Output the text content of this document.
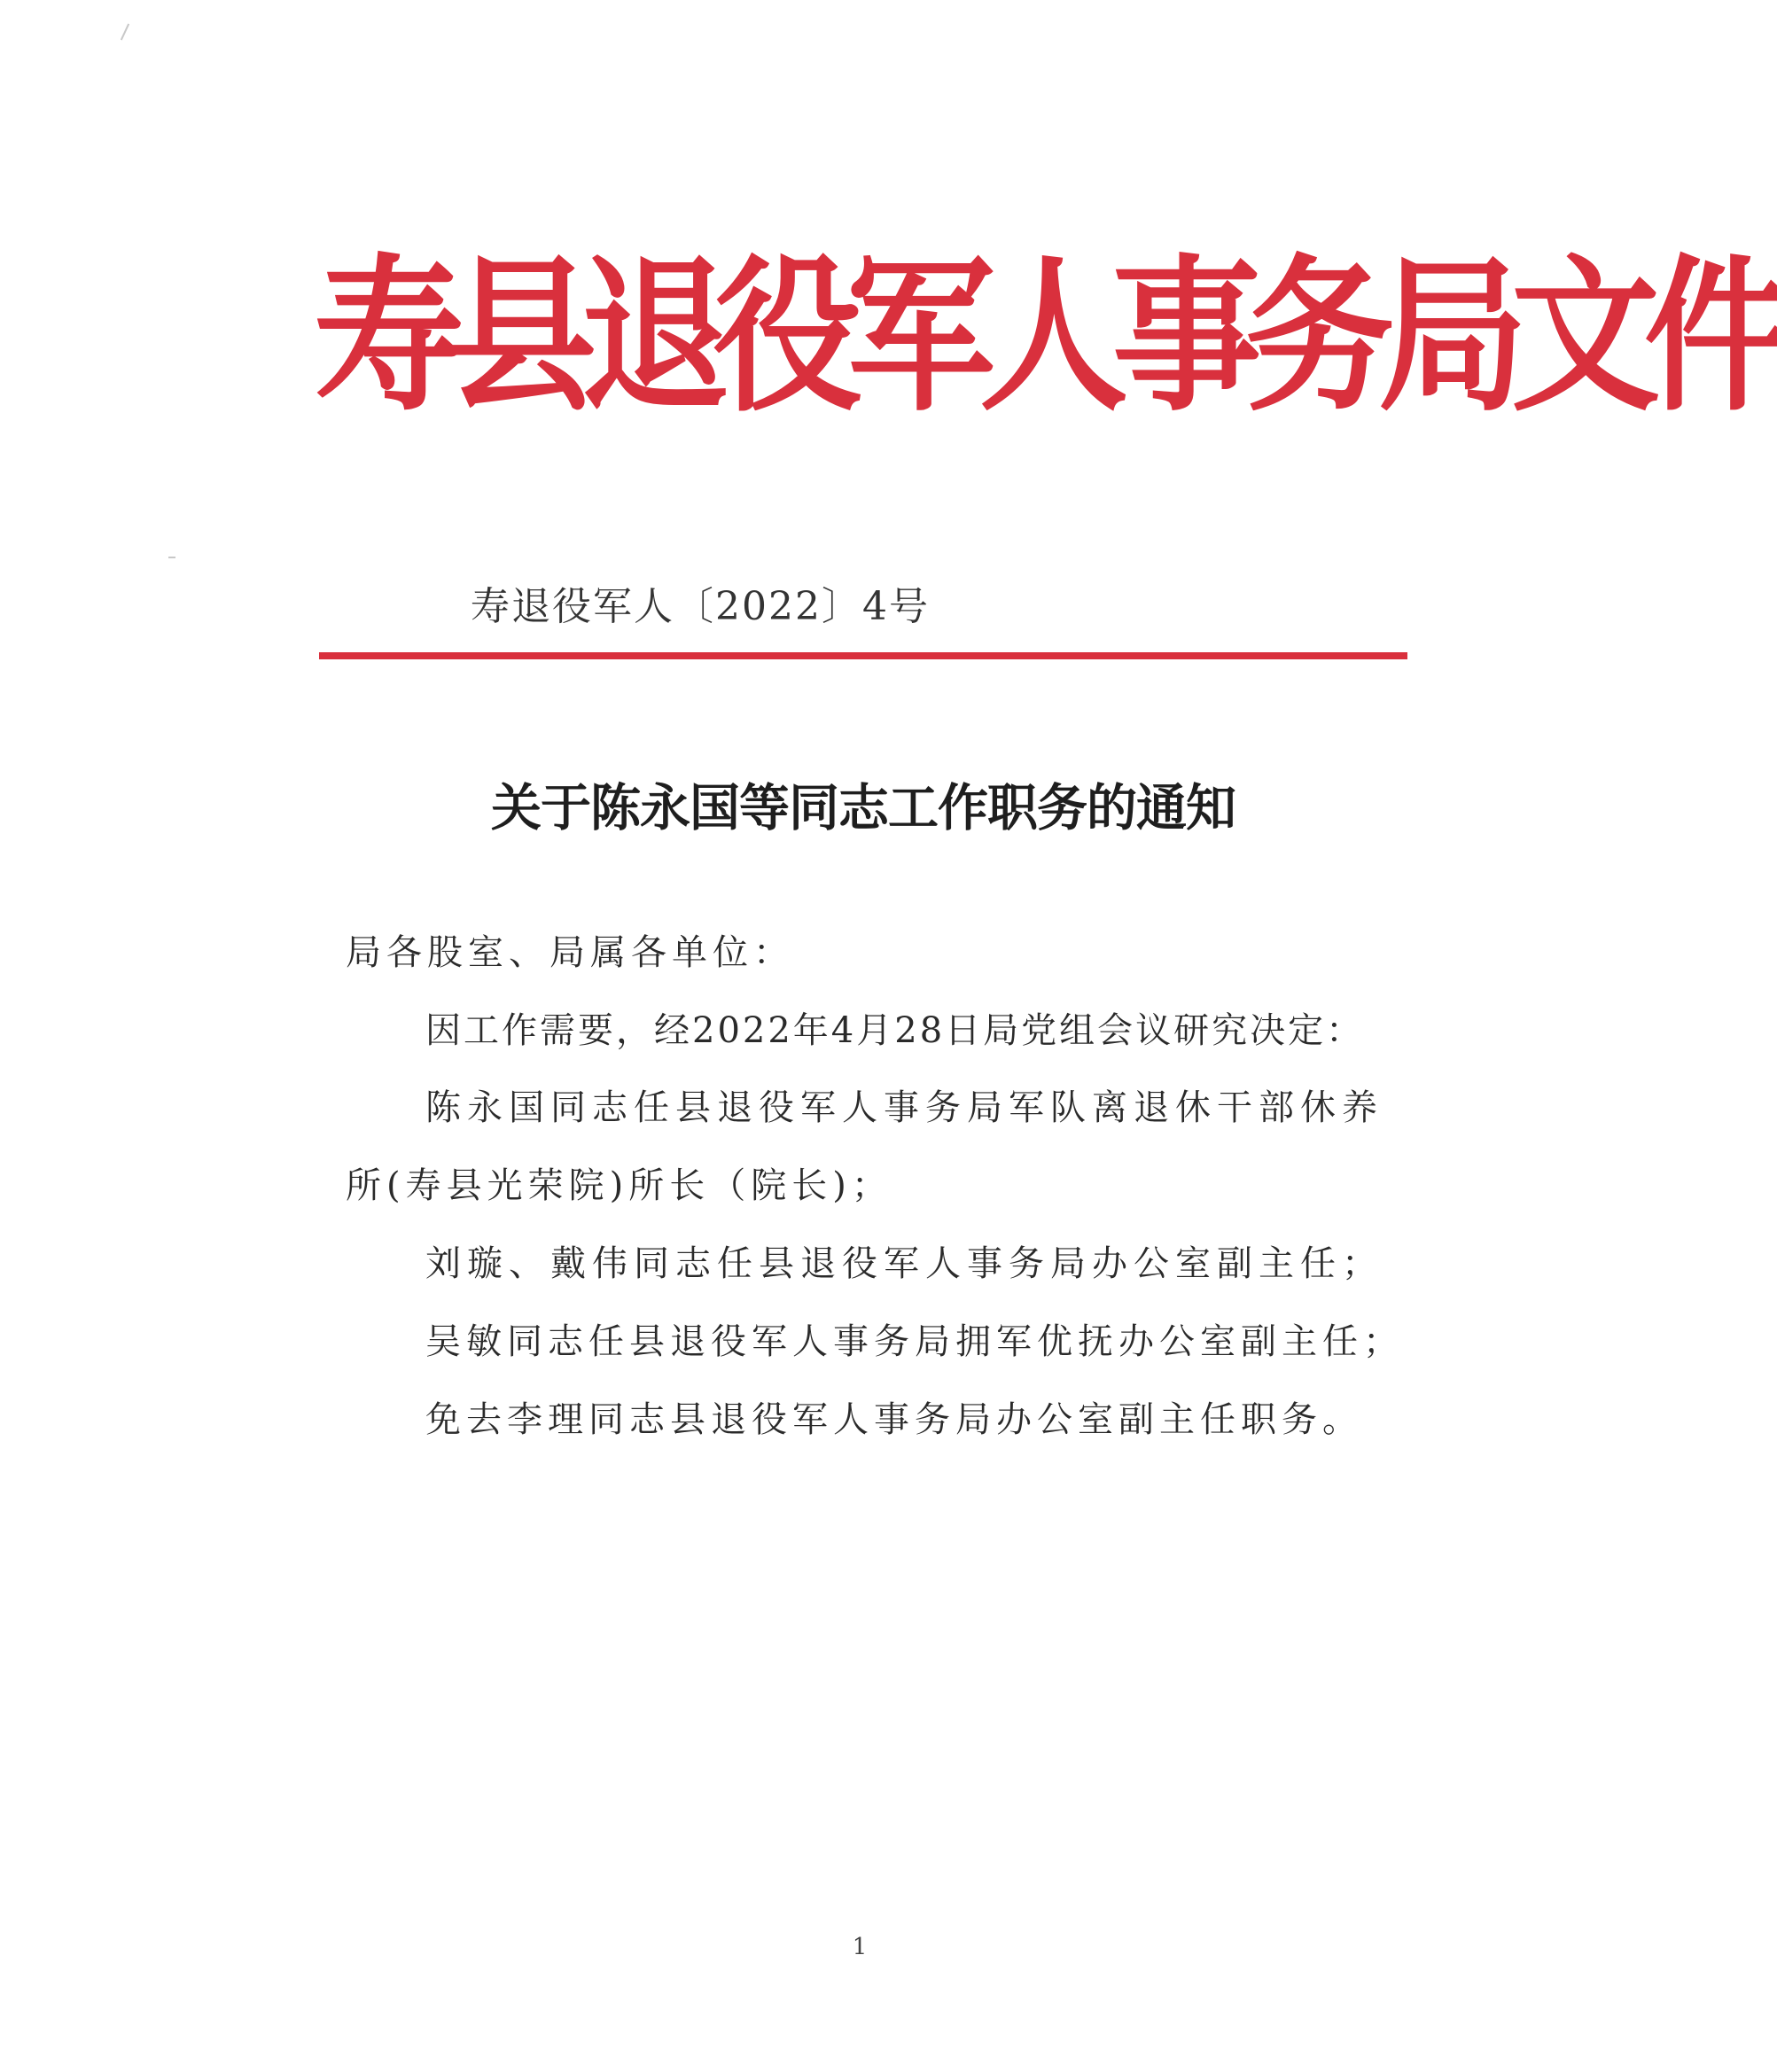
寿县退役军人事务局文件
寿退役军人〔2022〕4号
关于陈永国等同志工作职务的通知
局各股室、局属各单位：
因工作需要，经2022年4月28日局党组会议研究决定：
陈永国同志任县退役军人事务局军队离退休干部休养
所(寿县光荣院)所长（院长)；
刘璇、戴伟同志任县退役军人事务局办公室副主任；
吴敏同志任县退役军人事务局拥军优抚办公室副主任；
免去李理同志县退役军人事务局办公室副主任职务。
1
